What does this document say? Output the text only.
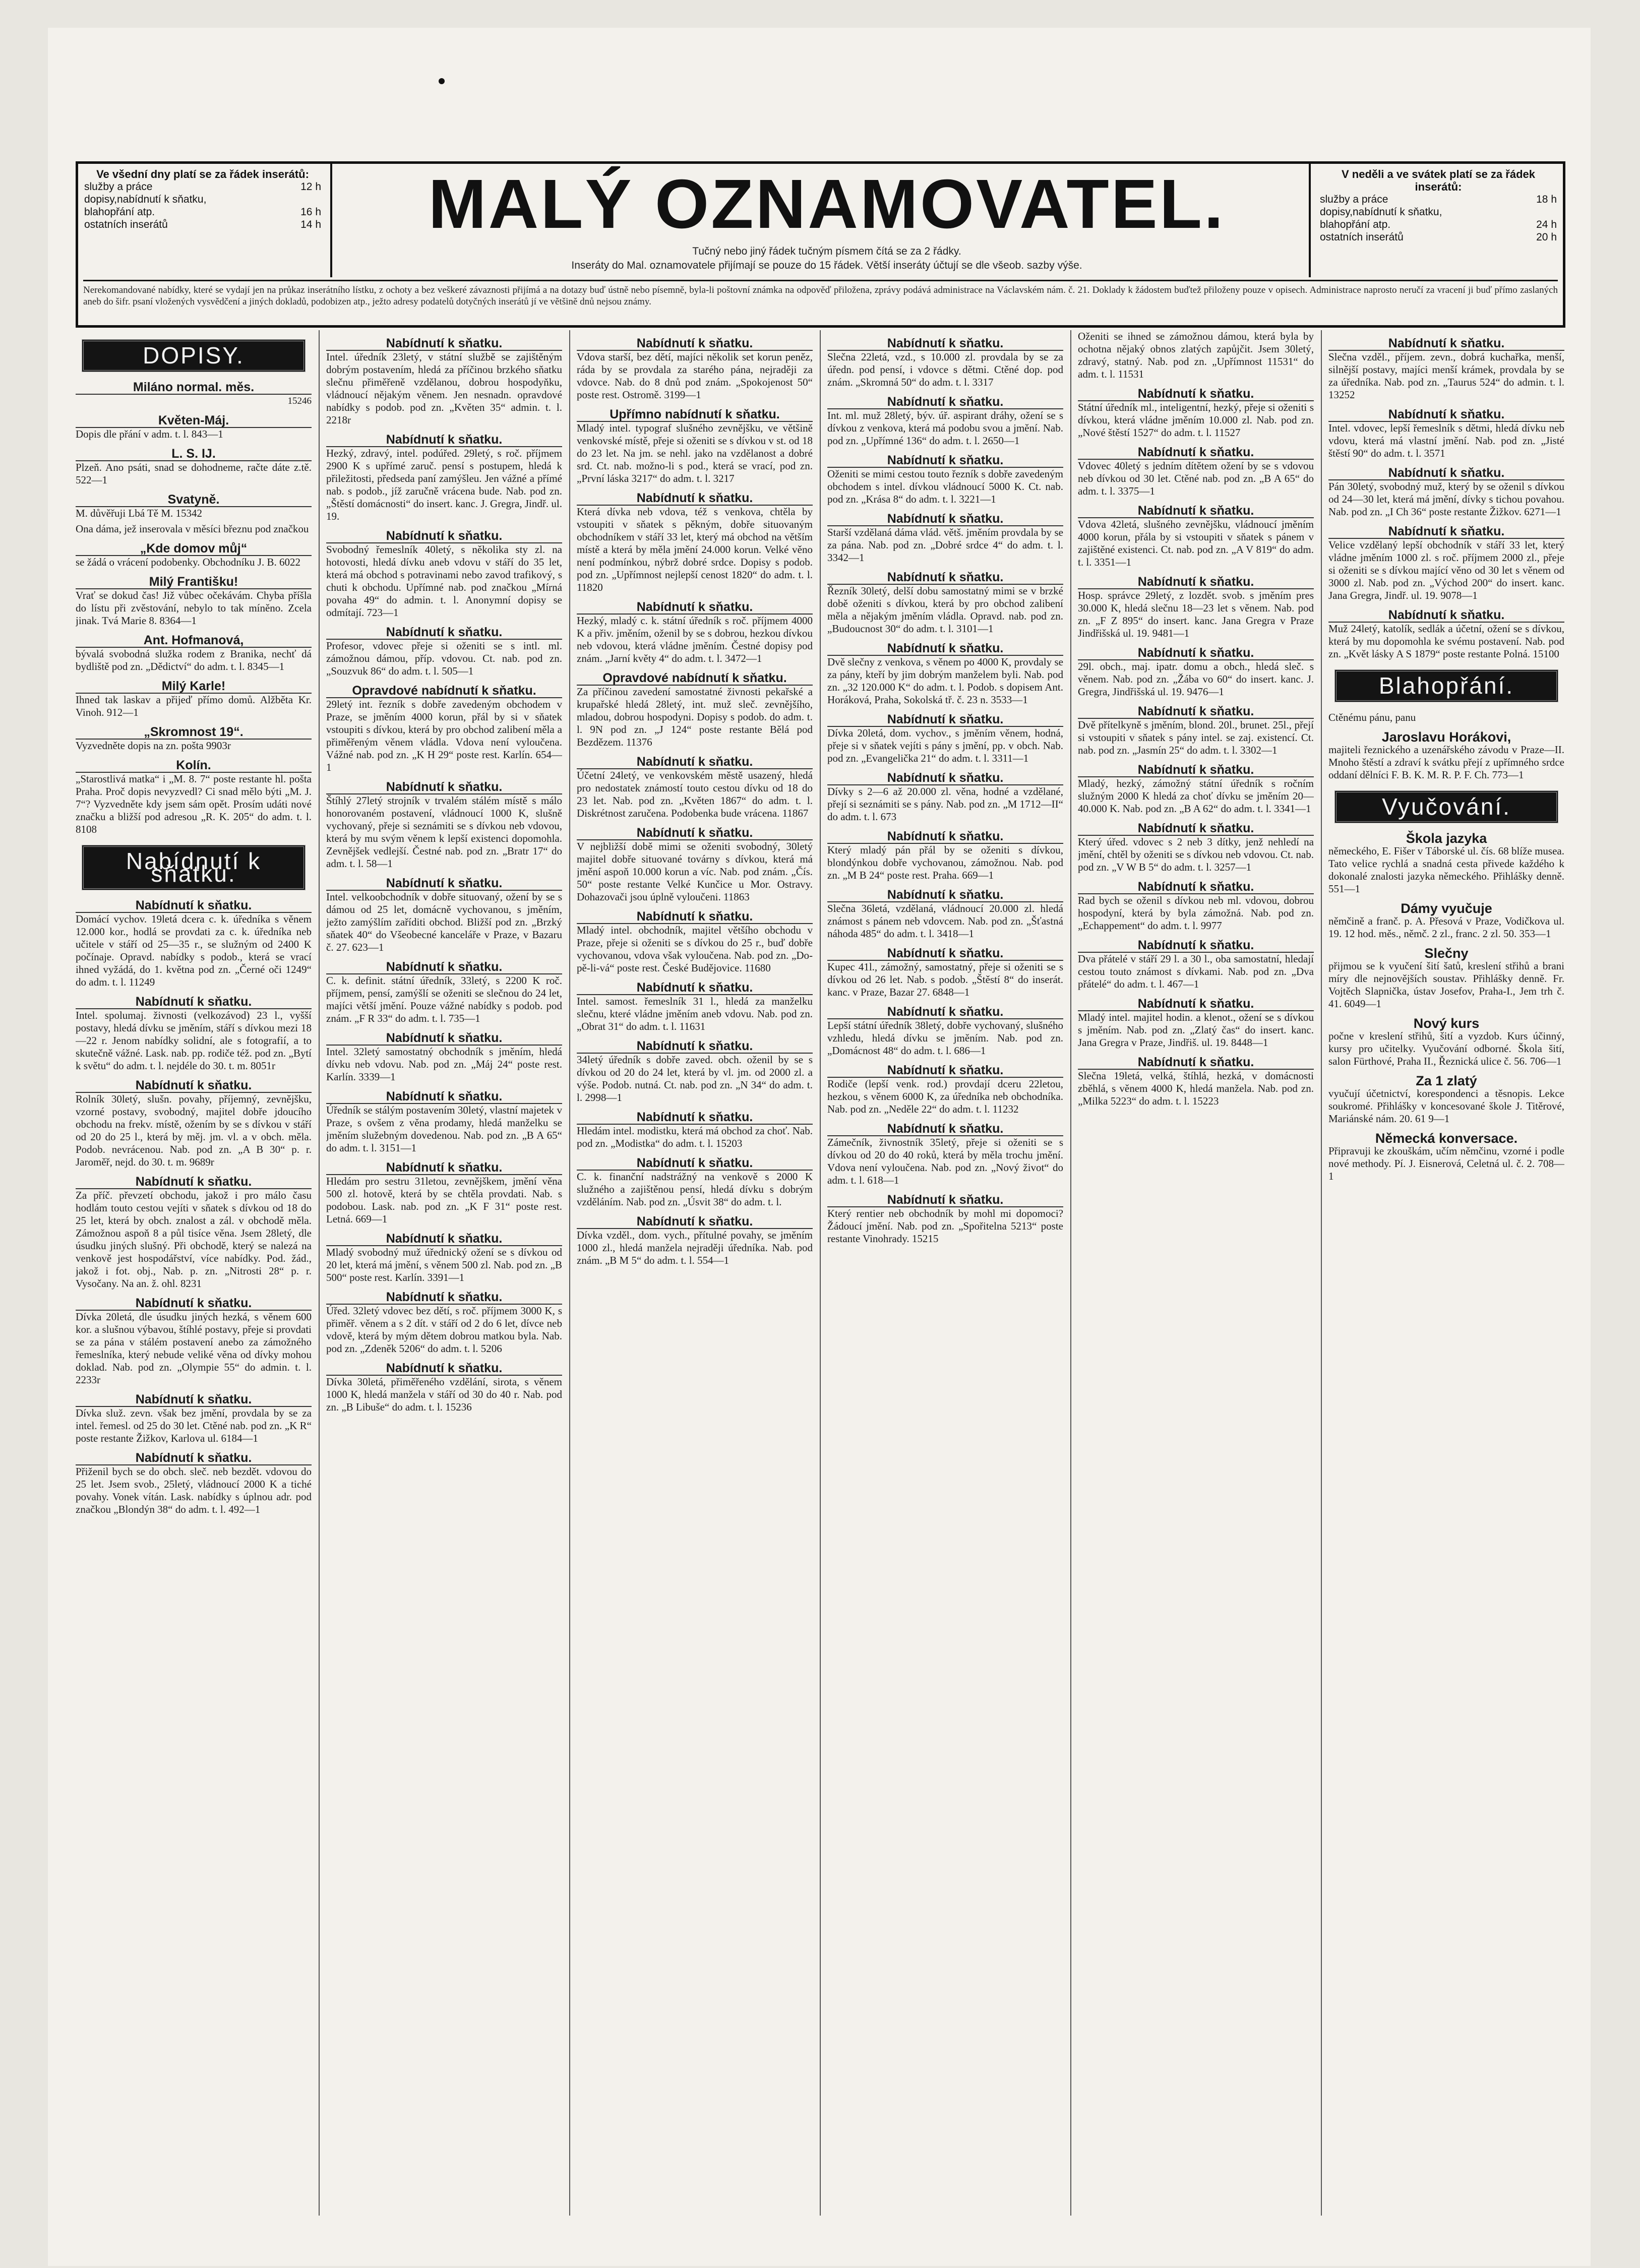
Ve všední dny platí se za řádek inserátů:
služby a práce	12 h
dopisy,nabídnutí k sňatku,
blahopřání atp.	16 h
ostatních inserátů	14 h	MALÝ OZNAMOVATEL.
Tučný nebo jiný řádek tučným písmem čítá se za 2 řádky.
Inseráty do Mal. oznamovatele přijímají se pouze do 15 řádek. Větší inseráty účtují se dle všeob. sazby výše.
V neděli a ve svátek platí se za řádek inserátů:
služby a práce	18 h
dopisy,nabídnutí k sňatku,
blahopřání atp.	24 h
ostatních inserátů	20 h
Nerekomandované nabídky, které se vydají jen na průkaz inserátního lístku, z ochoty a bez veškeré závaznosti přijímá a na dotazy buď ústně nebo písemně, byla-li poštovní známka na odpověď přiložena, zprávy podává administrace na Václavském nám. č. 21. Doklady k žádostem buďtež přiloženy pouze v opisech. Administrace naprosto neručí za vracení ji buď přímo zaslaných aneb do šifr. psaní vložených vysvědčení a jiných dokladů, podobizen atp., ježto adresy podatelů dotyčných inserátů jí ve většině dnů nejsou známy.
DOPISY.
Miláno normal. měs.
15246
Květen-Máj.
Dopis dle přání v adm. t. l. 843—1
L. S. IJ.
Plzeň. Ano psáti, snad se dohodneme, račte dáte z.tě. 522—1
Svatyně.
M. důvěřuji Lbá Tě M. 15342
Ona dáma, jež inserovala v měsíci březnu pod značkou
„Kde domov můj“
se žádá o vrácení podobenky. Obchodníku J. B. 6022
Milý Františku!
Vrať se dokud čas! Již vůbec očekávám. Chyba příšla do lístu při zvěstování, nebylo to tak míněno. Zcela jinak. Tvá Marie 8. 8364—1
Ant. Hofmanová,
bývalá svobodná služka rodem z Branika, nechť dá bydliště pod zn. „Dědictví“ do adm. t. l. 8345—1
Milý Karle!
Ihned tak laskav a přijeď přímo domů. Alžběta Kr. Vinoh. 912—1
„Skromnost 19“.
Vyzvedněte dopis na zn. pošta 9903r
Kolín.
„Starostlivá matka“ i „M. 8. 7“ poste restante hl. pošta Praha. Proč dopis nevyzvedl? Ci snad mělo býti „M. J. 7“? Vyzvedněte kdy jsem sám opět. Prosím udáti nové značku a bližší pod adresou „R. K. 205“ do adm. t. l. 8108
Nabídnutí k sňatku.
Nabídnutí k sňatku.
Domácí vychov. 19letá dcera c. k. úředníka s věnem 12.000 kor., hodlá se provdati za c. k. úředníka neb učitele v stáří od 25—35 r., se služným od 2400 K počínaje. Opravd. nabídky s podob., která se vrací ihned vyžádá, do 1. května pod zn. „Černé oči 1249“ do adm. t. l. 11249
Nabídnutí k sňatku.
Intel. spolumaj. živnosti (velkozávod) 23 l., vyšší postavy, hledá dívku se jměním, stáří s dívkou mezi 18—22 r. Jenom nabídky solidní, ale s fotografií, a to skutečně vážné. Lask. nab. pp. rodiče též. pod zn. „Bytí k světu“ do adm. t. l. nejdéle do 30. t. m. 8051r
Nabídnutí k sňatku.
Rolník 30letý, slušn. povahy, příjemný, zevnějšku, vzorné postavy, svobodný, majitel dobře jdoucího obchodu na frekv. místě, ožením by se s dívkou v stáří od 20 do 25 l., která by měj. jm. vl. a v obch. měla. Podob. nevrácenou. Nab. pod zn. „A B 30“ p. r. Jaroměř, nejd. do 30. t. m. 9689r
Nabídnutí k sňatku.
Za příč. převzetí obchodu, jakož i pro málo času hodlám touto cestou vejíti v sňatek s dívkou od 18 do 25 let, která by obch. znalost a zál. v obchodě měla. Zámožnou aspoň 8 a půl tisíce věna. Jsem 28letý, dle úsudku jiných slušný. Při obchodě, který se nalezá na venkově jest hospodářství, více nabídky. Pod. žád., jakož i fot. obj., Nab. p. zn. „Nitrosti 28“ p. r. Vysočany. Na an. ž. ohl. 8231
Nabídnutí k sňatku.
Dívka 20letá, dle úsudku jiných hezká, s věnem 600 kor. a slušnou výbavou, štíhlé postavy, přeje si provdati se za pána v stálém postavení anebo za zámožného řemeslníka, který nebude veliké věna od dívky mohou doklad. Nab. pod zn. „Olympie 55“ do admin. t. l. 2233r
Nabídnutí k sňatku.
Dívka služ. zevn. však bez jmění, provdala by se za intel. řemesl. od 25 do 30 let. Ctěné nab. pod zn. „K R“ poste restante Žižkov, Karlova ul. 6184—1
Nabídnutí k sňatku.
Přiženil bych se do obch. sleč. neb bezdět. vdovou do 25 let. Jsem svob., 25letý, vládnoucí 2000 K a tiché povahy. Vonek vítán. Lask. nabídky s úplnou adr. pod značkou „Blondýn 38“ do adm. t. l. 492—1
Nabídnutí k sňatku.
Intel. úředník 23letý, v státní službě se zajištěným dobrým postavením, hledá za příčinou brzkého sňatku slečnu přiměřeně vzdělanou, dobrou hospodyňku, vládnoucí nějakým věnem. Jen nesnadn. opravdové nabídky s podob. pod zn. „Květen 35“ admin. t. l. 2218r
Nabídnutí k sňatku.
Hezký, zdravý, intel. podúřed. 29letý, s roč. příjmem 2900 K s upřímé zaruč. pensí s postupem, hledá k přiležitosti, předseda paní zamýšleu. Jen vážné a přímé nab. s podob., jíž zaručně vrácena bude. Nab. pod zn. „Štěstí domácnosti“ do insert. kanc. J. Gregra, Jindř. ul. 19.
Nabídnutí k sňatku.
Svobodný řemeslník 40letý, s několika sty zl. na hotovosti, hledá dívku aneb vdovu v stáří do 35 let, která má obchod s potravinami nebo zavod trafikový, s chuti k obchodu. Upřímné nab. pod značkou „Mírná povaha 49“ do admin. t. l. Anonymní dopisy se odmítají. 723—1
Nabídnutí k sňatku.
Profesor, vdovec přeje si oženiti se s intl. ml. zámožnou dámou, příp. vdovou. Ct. nab. pod zn. „Souzvuk 86“ do adm. t. l. 505—1
Opravdové nabídnutí k sňatku.
29letý int. řezník s dobře zavedeným obchodem v Praze, se jměním 4000 korun, přál by si v sňatek vstoupiti s dívkou, která by pro obchod zalibení měla a přiměřeným věnem vládla. Vdova není vyloučena. Vážné nab. pod zn. „K H 29“ poste rest. Karlín. 654—1
Nabídnutí k sňatku.
Štíhlý 27letý strojník v trvalém stálém místě s málo honorovaném postavení, vládnoucí 1000 K, slušně vychovaný, přeje si seznámiti se s dívkou neb vdovou, která by mu svým věnem k lepší existenci dopomohla. Zevnějšek vedlejší. Čestné nab. pod zn. „Bratr 17“ do adm. t. l. 58—1
Nabídnutí k sňatku.
Intel. velkoobchodník v dobře situovaný, ožení by se s dámou od 25 let, domácně vychovanou, s jměním, ježto zamýšlím zaříditi obchod. Bližší pod zn. „Brzký sňatek 40“ do Všeobecné kanceláře v Praze, v Bazaru č. 27. 623—1
Nabídnutí k sňatku.
C. k. definit. státní úředník, 33letý, s 2200 K roč. příjmem, pensí, zamýšlí se oženiti se slečnou do 24 let, majíci větší jmění. Pouze vážné nabídky s podob. pod znám. „F R 33“ do adm. t. l. 735—1
Nabídnutí k sňatku.
Intel. 32letý samostatný obchodník s jměním, hledá dívku neb vdovu. Nab. pod zn. „Máj 24“ poste rest. Karlín. 3339—1
Nabídnutí k sňatku.
Úředník se stálým postavením 30letý, vlastní majetek v Praze, s ovšem z věna prodamy, hledá manželku se jměním služebným dovedenou. Nab. pod zn. „B A 65“ do adm. t. l. 3151—1
Nabídnutí k sňatku.
Hledám pro sestru 31letou, zevnějškem, jmění věna 500 zl. hotově, která by se chtěla provdati. Nab. s podobou. Lask. nab. pod zn. „K F 31“ poste rest. Letná. 669—1
Nabídnutí k sňatku.
Mladý svobodný muž úřednický ožení se s dívkou od 20 let, která má jmění, s věnem 500 zl. Nab. pod zn. „B 500“ poste rest. Karlín. 3391—1
Nabídnutí k sňatku.
Úřed. 32letý vdovec bez dětí, s roč. příjmem 3000 K, s přiměř. věnem a s 2 dít. v stáří od 2 do 6 let, dívce neb vdově, která by mým dětem dobrou matkou byla. Nab. pod zn. „Zdeněk 5206“ do adm. t. l. 5206
Nabídnutí k sňatku.
Dívka 30letá, přiměřeného vzdělání, sirota, s věnem 1000 K, hledá manžela v stáří od 30 do 40 r. Nab. pod zn. „B Libuše“ do adm. t. l. 15236
Nabídnutí k sňatku.
Vdova starší, bez dětí, majíci několik set korun peněz, ráda by se provdala za starého pána, nejraději za vdovce. Nab. do 8 dnů pod znám. „Spokojenost 50“ poste rest. Ostromě. 3199—1
Upřímno nabídnutí k sňatku.
Mladý intel. typograf slušného zevnějšku, ve většině venkovské místě, přeje si oženiti se s dívkou v st. od 18 do 23 let. Na jm. se nehl. jako na vzdělanost a dobré srd. Ct. nab. možno-li s pod., která se vrací, pod zn. „První láska 3217“ do adm. t. l. 3217
Nabídnutí k sňatku.
Která dívka neb vdova, též s venkova, chtěla by vstoupiti v sňatek s pěkným, dobře situovaným obchodníkem v stáří 33 let, který má obchod na větším místě a která by měla jmění 24.000 korun. Velké věno není podmínkou, nýbrž dobré srdce. Dopisy s podob. pod zn. „Upřímnost nejlepší cenost 1820“ do adm. t. l. 11820
Nabídnutí k sňatku.
Hezký, mladý c. k. státní úředník s roč. příjmem 4000 K a přiv. jměním, oženil by se s dobrou, hezkou dívkou neb vdovou, která vládne jměním. Čestné dopisy pod znám. „Jarní květy 4“ do adm. t. l. 3472—1
Opravdové nabídnutí k sňatku.
Za příčinou zavedení samostatné živnosti pekařské a krupařské hledá 28letý, int. muž sleč. zevnějšího, mladou, dobrou hospodyni. Dopisy s podob. do adm. t. l. 9N pod zn. „J 124“ poste restante Bělá pod Bezdězem. 11376
Nabídnutí k sňatku.
Účetní 24letý, ve venkovském městě usazený, hledá pro nedostatek známostí touto cestou dívku od 18 do 23 let. Nab. pod zn. „Květen 1867“ do adm. t. l. Diskrétnost zaručena. Podobenka bude vrácena. 11867
Nabídnutí k sňatku.
V nejbližší době mimi se oženiti svobodný, 30letý majitel dobře situované továrny s dívkou, která má jmění aspoň 10.000 korun a víc. Nab. pod znám. „Čís. 50“ poste restante Velké Kunčice u Mor. Ostravy. Dohazovači jsou úplně vyloučeni. 11863
Nabídnutí k sňatku.
Mladý intel. obchodník, majitel většího obchodu v Praze, přeje si oženiti se s dívkou do 25 r., buď dobře vychovanou, vdova však vyloučena. Nab. pod zn. „Do-pě-li-vá“ poste rest. České Budějovice. 11680
Nabídnutí k sňatku.
Intel. samost. řemeslník 31 l., hledá za manželku slečnu, které vládne jměním aneb vdovu. Nab. pod zn. „Obrat 31“ do adm. t. l. 11631
Nabídnutí k sňatku.
34letý úředník s dobře zaved. obch. oženil by se s dívkou od 20 do 24 let, která by vl. jm. od 2000 zl. a výše. Podob. nutná. Ct. nab. pod zn. „N 34“ do adm. t. l. 2998—1
Nabídnutí k sňatku.
Hledám intel. modistku, která má obchod za choť. Nab. pod zn. „Modistka“ do adm. t. l. 15203
Nabídnutí k sňatku.
C. k. finanční nadstrážný na venkově s 2000 K služného a zajištěnou pensí, hledá dívku s dobrým vzděláním. Nab. pod zn. „Úsvit 38“ do adm. t. l.
Nabídnutí k sňatku.
Dívka vzděl., dom. vych., přítulné povahy, se jměním 1000 zl., hledá manžela nejraději úředníka. Nab. pod znám. „B M 5“ do adm. t. l. 554—1
Nabídnutí k sňatku.
Slečna 22letá, vzd., s 10.000 zl. provdala by se za úředn. pod pensí, i vdovce s dětmi. Ctěné dop. pod znám. „Skromná 50“ do adm. t. l. 3317
Nabídnutí k sňatku.
Int. ml. muž 28letý, býv. úř. aspirant dráhy, ožení se s dívkou z venkova, která má podobu svou a jmění. Nab. pod zn. „Upřímné 136“ do adm. t. l. 2650—1
Nabídnutí k sňatku.
Oženiti se mimi cestou touto řezník s dobře zavedeným obchodem s intel. dívkou vládnoucí 5000 K. Ct. nab. pod zn. „Krása 8“ do adm. t. l. 3221—1
Nabídnutí k sňatku.
Starší vzdělaná dáma vlád. větš. jměním provdala by se za pána. Nab. pod zn. „Dobré srdce 4“ do adm. t. l. 3342—1
Nabídnutí k sňatku.
Řezník 30letý, delší dobu samostatný mimi se v brzké době oženiti s dívkou, která by pro obchod zalibení měla a nějakým jměním vládla. Opravd. nab. pod zn. „Budoucnost 30“ do adm. t. l. 3101—1
Nabídnutí k sňatku.
Dvě slečny z venkova, s věnem po 4000 K, provdaly se za pány, kteří by jim dobrým manželem byli. Nab. pod zn. „32 120.000 K“ do adm. t. l. Podob. s dopisem Ant. Horáková, Praha, Sokolská tř. č. 23 n. 3533—1
Nabídnutí k sňatku.
Dívka 20letá, dom. vychov., s jměním věnem, hodná, přeje si v sňatek vejíti s pány s jmění, pp. v obch. Nab. pod zn. „Evangelička 21“ do adm. t. l. 3311—1
Nabídnutí k sňatku.
Dívky s 2—6 až 20.000 zl. věna, hodné a vzdělané, přejí si seznámiti se s pány. Nab. pod zn. „M 1712—II“ do adm. t. l. 673
Nabídnutí k sňatku.
Který mladý pán přál by se oženiti s dívkou, blondýnkou dobře vychovanou, zámožnou. Nab. pod zn. „M B 24“ poste rest. Praha. 669—1
Nabídnutí k sňatku.
Slečna 36letá, vzdělaná, vládnoucí 20.000 zl. hledá známost s pánem neb vdovcem. Nab. pod zn. „Šťastná náhoda 485“ do adm. t. l. 3418—1
Nabídnutí k sňatku.
Kupec 41l., zámožný, samostatný, přeje si oženiti se s dívkou od 26 let. Nab. s podob. „Štěstí 8“ do inserát. kanc. v Praze, Bazar 27. 6848—1
Nabídnutí k sňatku.
Lepší státní úředník 38letý, dobře vychovaný, slušného vzhledu, hledá dívku se jměním. Nab. pod zn. „Domácnost 48“ do adm. t. l. 686—1
Nabídnutí k sňatku.
Rodiče (lepší venk. rod.) provdají dceru 22letou, hezkou, s věnem 6000 K, za úředníka neb obchodníka. Nab. pod zn. „Neděle 22“ do adm. t. l. 11232
Nabídnutí k sňatku.
Zámečník, živnostník 35letý, přeje si oženiti se s dívkou od 20 do 40 roků, která by měla trochu jmění. Vdova není vyloučena. Nab. pod zn. „Nový život“ do adm. t. l. 618—1
Nabídnutí k sňatku.
Který rentier neb obchodník by mohl mi dopomoci? Žádoucí jmění. Nab. pod zn. „Spořitelna 5213“ poste restante Vinohrady. 15215
Oženiti se ihned se zámožnou dámou, která byla by ochotna nějaký obnos zlatých zapůjčit. Jsem 30letý, zdravý, statný. Nab. pod zn. „Upřímnost 11531“ do adm. t. l. 11531
Nabídnutí k sňatku.
Státní úředník ml., inteligentní, hezký, přeje si oženiti s dívkou, která vládne jměním 10.000 zl. Nab. pod zn. „Nové štěstí 1527“ do adm. t. l. 11527
Nabídnutí k sňatku.
Vdovec 40letý s jedním dítětem ožení by se s vdovou neb dívkou od 30 let. Ctěné nab. pod zn. „B A 65“ do adm. t. l. 3375—1
Nabídnutí k sňatku.
Vdova 42letá, slušného zevnějšku, vládnoucí jměním 4000 korun, přála by si vstoupiti v sňatek s pánem v zajištěné existenci. Ct. nab. pod zn. „A V 819“ do adm. t. l. 3351—1
Nabídnutí k sňatku.
Hosp. správce 29letý, z lozdět. svob. s jměním pres 30.000 K, hledá slečnu 18—23 let s věnem. Nab. pod zn. „F Z 895“ do insert. kanc. Jana Gregra v Praze Jindřišská ul. 19. 9481—1
Nabídnutí k sňatku.
29l. obch., maj. ipatr. domu a obch., hledá sleč. s věnem. Nab. pod zn. „Žába vo 60“ do insert. kanc. J. Gregra, Jindřišská ul. 19. 9476—1
Nabídnutí k sňatku.
Dvě přítelkyně s jměním, blond. 20l., brunet. 25l., přejí si vstoupiti v sňatek s pány intel. se zaj. existencí. Ct. nab. pod zn. „Jasmín 25“ do adm. t. l. 3302—1
Nabídnutí k sňatku.
Mladý, hezký, zámožný státní úředník s ročním služným 2000 K hledá za choť dívku se jměním 20—40.000 K. Nab. pod zn. „B A 62“ do adm. t. l. 3341—1
Nabídnutí k sňatku.
Který úřed. vdovec s 2 neb 3 dítky, jenž nehledí na jmění, chtěl by oženiti se s dívkou neb vdovou. Ct. nab. pod zn. „V W B 5“ do adm. t. l. 3257—1
Nabídnutí k sňatku.
Rad bych se oženil s dívkou neb ml. vdovou, dobrou hospodyní, která by byla zámožná. Nab. pod zn. „Echappement“ do adm. t. l. 9977
Nabídnutí k sňatku.
Dva přátelé v stáří 29 l. a 30 l., oba samostatní, hledají cestou touto známost s dívkami. Nab. pod zn. „Dva přátelé“ do adm. t. l. 467—1
Nabídnutí k sňatku.
Mladý intel. majitel hodin. a klenot., ožení se s dívkou s jměním. Nab. pod zn. „Zlatý čas“ do insert. kanc. Jana Gregra v Praze, Jindřiš. ul. 19. 8448—1
Nabídnutí k sňatku.
Slečna 19letá, velká, štíhlá, hezká, v domácnosti zběhlá, s věnem 4000 K, hledá manžela. Nab. pod zn. „Milka 5223“ do adm. t. l. 15223
Nabídnutí k sňatku.
Slečna vzděl., příjem. zevn., dobrá kuchařka, menší, silnější postavy, majíci menší krámek, provdala by se za úředníka. Nab. pod zn. „Taurus 524“ do admin. t. l. 13252
Nabídnutí k sňatku.
Intel. vdovec, lepší řemeslník s dětmi, hledá dívku neb vdovu, která má vlastní jmění. Nab. pod zn. „Jisté štěstí 90“ do adm. t. l. 3571
Nabídnutí k sňatku.
Pán 30letý, svobodný muž, který by se oženil s dívkou od 24—30 let, která má jmění, dívky s tichou povahou. Nab. pod zn. „I Ch 36“ poste restante Žižkov. 6271—1
Nabídnutí k sňatku.
Velice vzdělaný lepší obchodník v stáří 33 let, který vládne jměním 1000 zl. s roč. příjmem 2000 zl., přeje si oženiti se s dívkou mající věno od 30 let s věnem od 3000 zl. Nab. pod zn. „Východ 200“ do insert. kanc. Jana Gregra, Jindř. ul. 19. 9078—1
Nabídnutí k sňatku.
Muž 24letý, katolík, sedlák a účetní, ožení se s dívkou, která by mu dopomohla ke svému postavení. Nab. pod zn. „Květ lásky A S 1879“ poste restante Polná. 15100
Blahopřání.
Ctěnému pánu, panu
Jaroslavu Horákovi,
majiteli řeznického a uzenářského závodu v Praze—II. Mnoho štěstí a zdraví k svátku přejí z upřímného srdce oddaní dělníci F. B. K. M. R. P. F. Ch. 773—1
Vyučování.
Škola jazyka
německého, E. Fišer v Táborské ul. čís. 68 blíže musea. Tato velice rychlá a snadná cesta přivede každého k dokonalé znalosti jazyka německého. Přihlášky denně. 551—1
Dámy vyučuje
němčině a franč. p. A. Přesová v Praze, Vodičkova ul. 19. 12 hod. měs., němč. 2 zl., franc. 2 zl. 50. 353—1
Slečny
přijmou se k vyučení šití šatů, kreslení střihů a brani míry dle nejnovějších soustav. Přihlášky denně. Fr. Vojtěch Slapnička, ústav Josefov, Praha-I., Jem trh č. 41. 6049—1
Nový kurs
počne v kreslení střihů, šití a vyzdob. Kurs účinný, kursy pro učitelky. Vyučování odborné. Škola šití, salon Fürthové, Praha II., Řeznická ulice č. 56. 706—1
Za 1 zlatý
vyučují účetnictví, korespondenci a těsnopis. Lekce soukromé. Přihlášky v koncesované škole J. Titěrové, Mariánské nám. 20. 61 9—1
Německá konversace.
Připravuji ke zkouškám, učím němčinu, vzorné i podle nové methody. Pí. J. Eisnerová, Celetná ul. č. 2. 708—1
